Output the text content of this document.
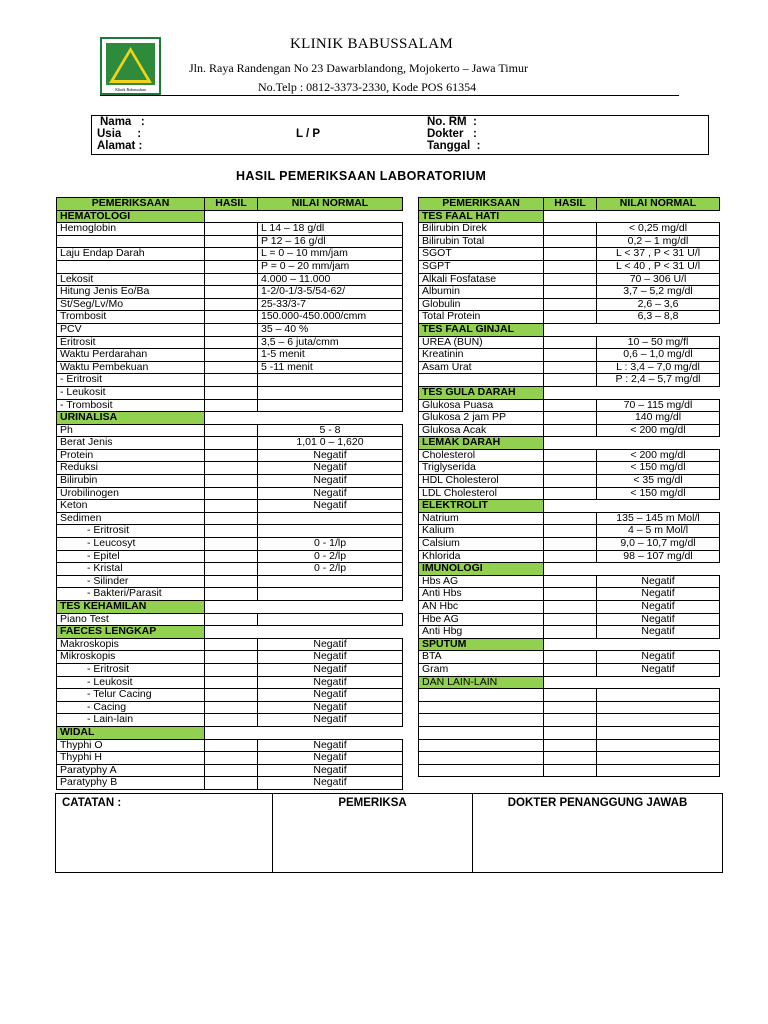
Klinik Babussalam
KLINIK BABUSSALAM
Jln. Raya Randengan No 23 Dawarblandong, Mojokerto – Jawa Timur
No.Telp : 0812-3373-2330, Kode POS 61354
Nama   :
Usia     :	L / P
Alamat :
No. RM  :
Dokter   :
Tanggal  :
HASIL PEMERIKSAAN LABORATORIUM
PEMERIKSAAN	HASIL	NILAI NORMAL
HEMATOLOGI		
Hemoglobin		L 14 – 18 g/dl
		P 12 – 16 g/dl
Laju Endap Darah		L = 0 – 10 mm/jam
		P = 0 – 20 mm/jam
Lekosit		4.000 – 11.000
Hitung Jenis Eo/Ba		1-2/0-1/3-5/54-62/
St/Seg/Lv/Mo		25-33/3-7
Trombosit		150.000-450.000/cmm
PCV		35 – 40 %
Eritrosit		3,5 – 6 juta/cmm
Waktu Perdarahan		1-5 menit
Waktu Pembekuan		5 -11 menit
- Eritrosit		
- Leukosit		
- Trombosit		
URINALISA		
Ph		5 - 8
Berat Jenis		1,01 0 – 1,620
Protein		Negatif
Reduksi		Negatif
Bilirubin		Negatif
Urobilinogen		Negatif
Keton		Negatif
Sedimen		
- Eritrosit		
- Leucosyt		0 - 1/lp
- Epitel		0 - 2/lp
- Kristal		0 - 2/lp
- Silinder		
- Bakteri/Parasit		
TES KEHAMILAN		
Piano Test		
FAECES LENGKAP		
Makroskopis		Negatif
Mikroskopis		Negatif
- Eritrosit		Negatif
- Leukosit		Negatif
- Telur Cacing		Negatif
- Cacing		Negatif
- Lain-lain		Negatif
WIDAL		
Thyphi O		Negatif
Thyphi H		Negatif
Paratyphy A		Negatif
Paratyphy B		Negatif
PEMERIKSAAN	HASIL	NILAI NORMAL
TES FAAL HATI		
Bilirubin Direk		< 0,25 mg/dl
Bilirubin Total		0,2 – 1 mg/dl
SGOT		L < 37 , P < 31 U/l
SGPT		L < 40 , P < 31 U/l
Alkali Fosfatase		70 – 306 U/l
Albumin		3,7 – 5,2 mg/dl
Globulin		2,6 – 3,6
Total Protein		6,3 – 8,8
TES FAAL GINJAL		
UREA (BUN)		10 – 50 mg/fl
Kreatinin		0,6 – 1,0 mg/dl
Asam Urat		L : 3,4 – 7,0 mg/dl
		P : 2,4 – 5,7 mg/dl
TES GULA DARAH		
Glukosa Puasa		70 – 115 mg/dl
Glukosa 2 jam PP		140 mg/dl
Glukosa Acak		< 200 mg/dl
LEMAK DARAH		
Cholesterol		< 200 mg/dl
Triglyserida		< 150 mg/dl
HDL Cholesterol		< 35 mg/dl
LDL Cholesterol		< 150 mg/dl
ELEKTROLIT		
Natrium		135 – 145 m Mol/l
Kalium		4 – 5 m Mol/l
Calsium		9,0 – 10,7 mg/dl
Khlorida		98 – 107 mg/dl
IMUNOLOGI		
Hbs AG		Negatif
Anti Hbs		Negatif
AN Hbc		Negatif
Hbe AG		Negatif
Anti Hbg		Negatif
SPUTUM		
BTA		Negatif
Gram		Negatif
DAN LAIN-LAIN		

CATATAN :	PEMERIKSA	DOKTER PENANGGUNG JAWAB
